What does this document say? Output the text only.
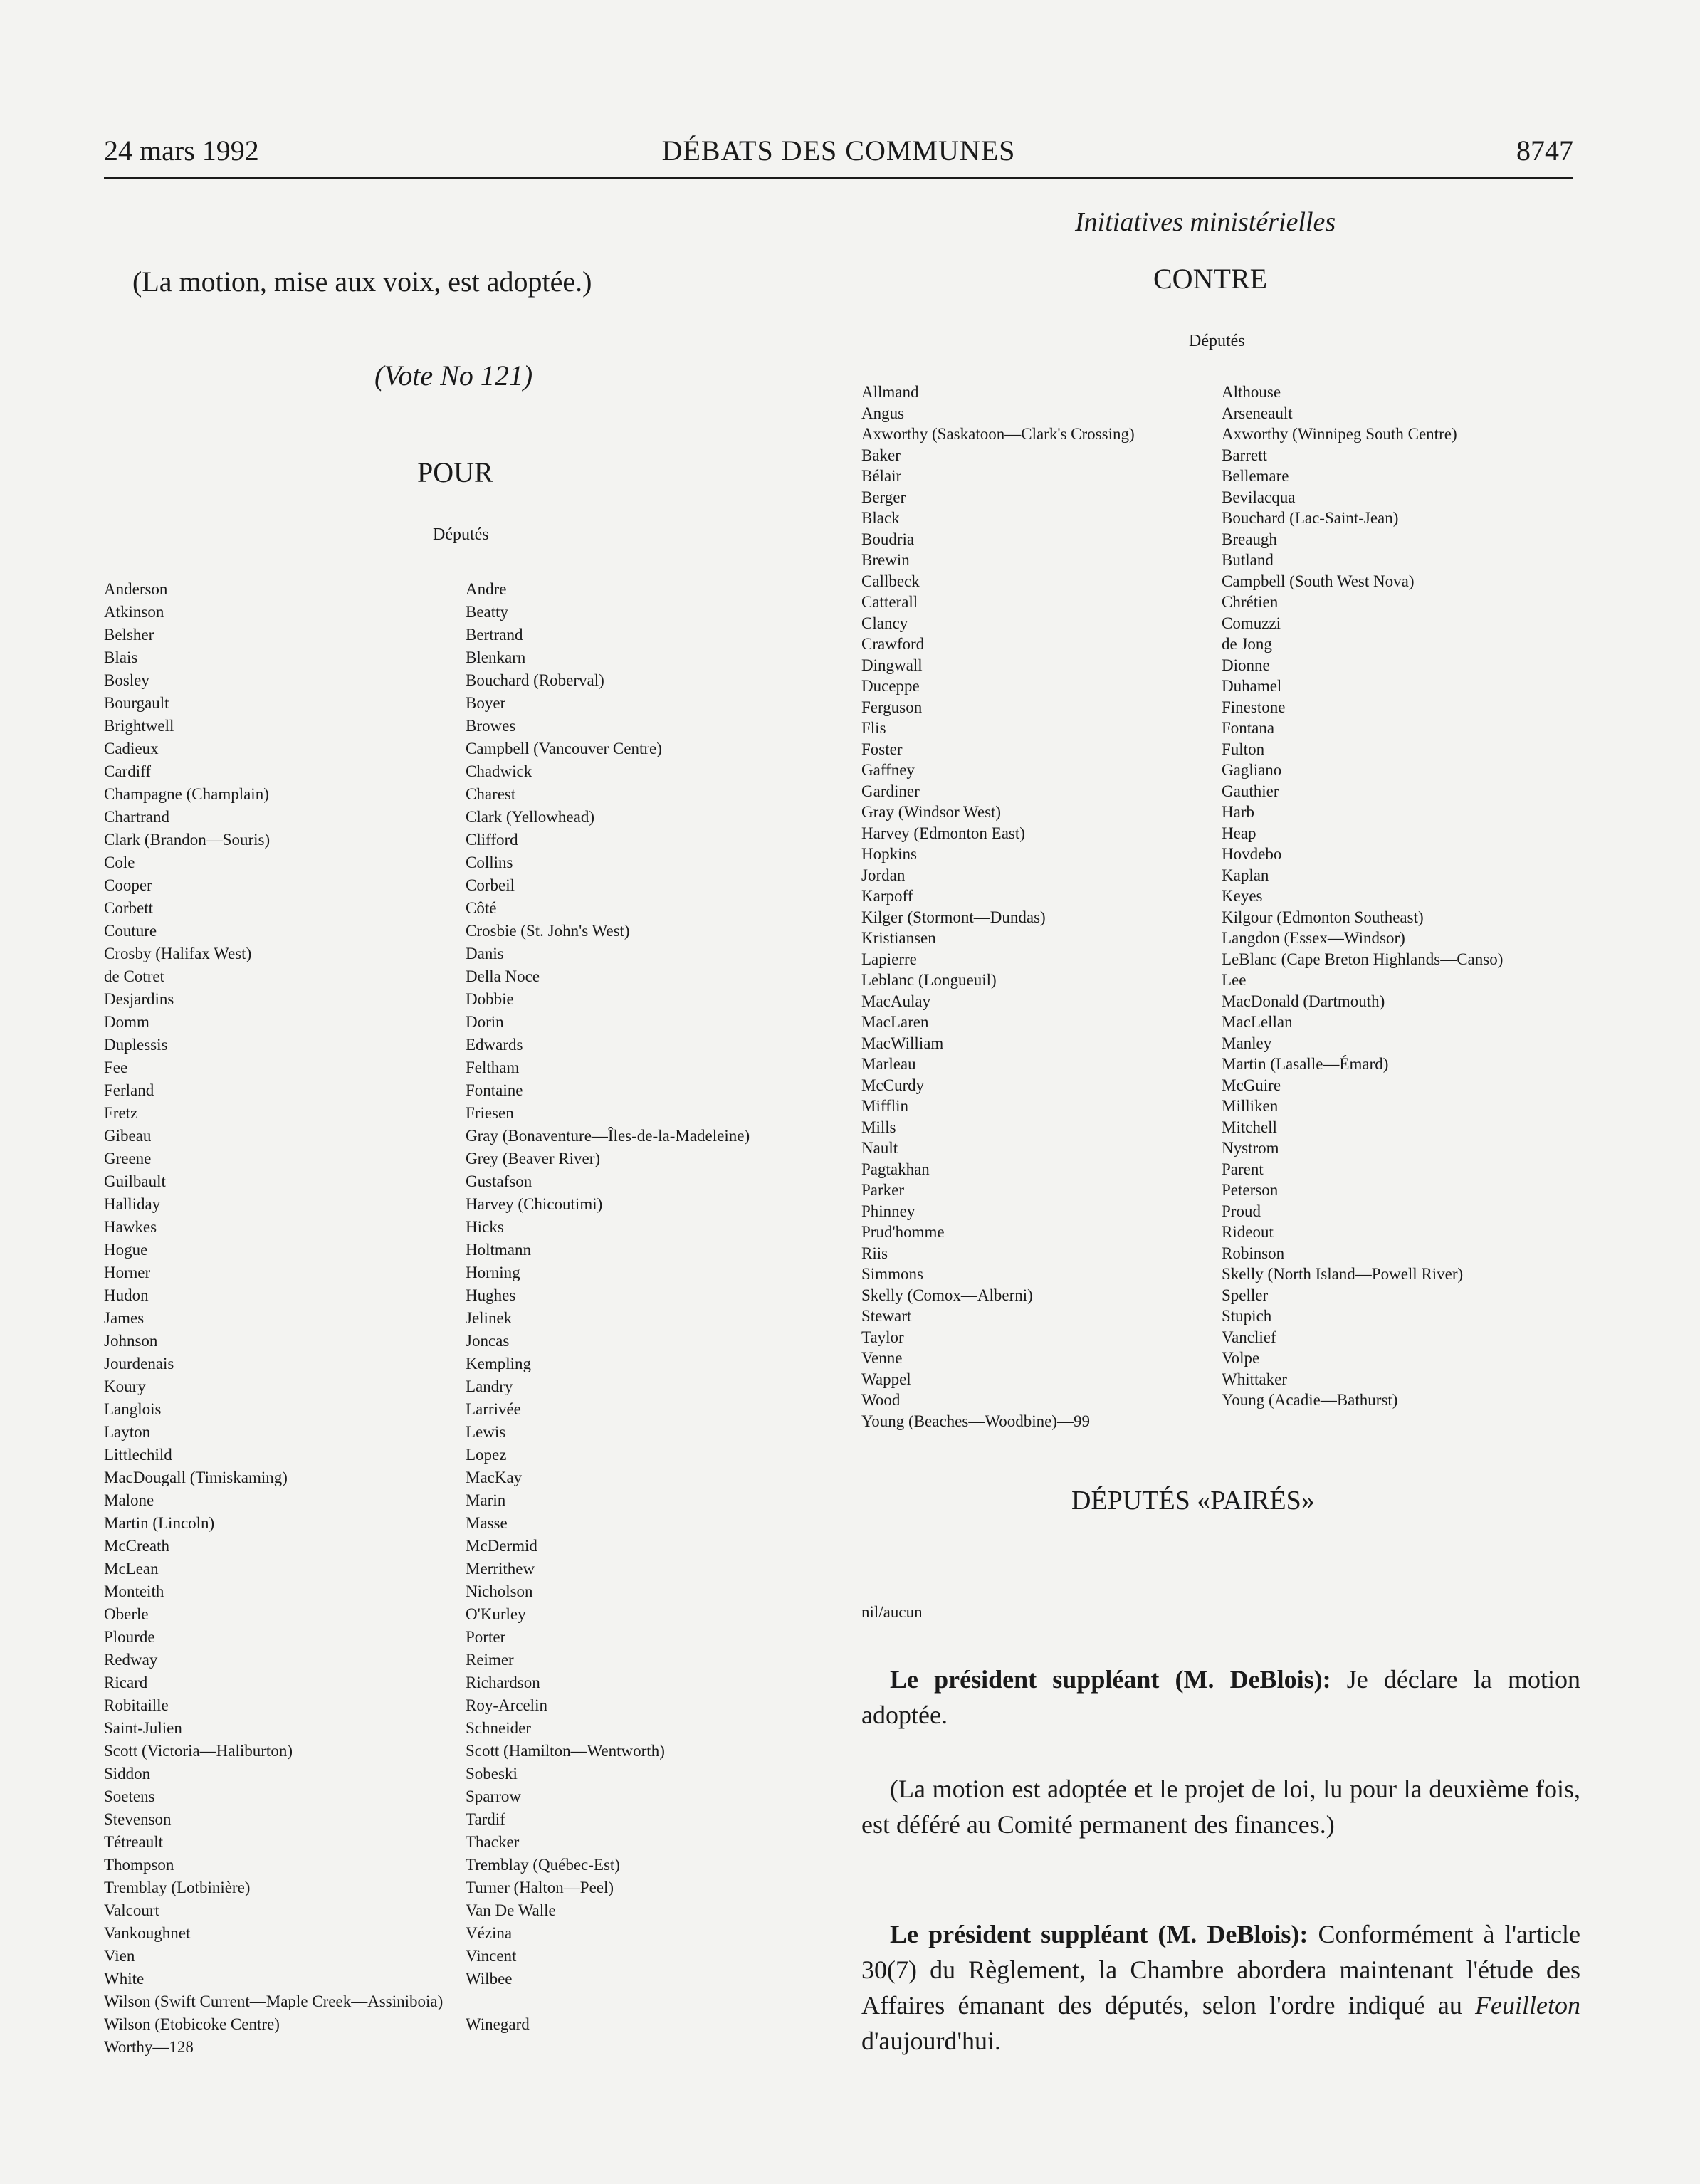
24 mars 1992	DÉBATS DES COMMUNES	8747
(La motion, mise aux voix, est adoptée.)
(Vote No 121)
POUR
Députés
Anderson
Atkinson
Belsher
Blais
Bosley
Bourgault
Brightwell
Cadieux
Cardiff
Champagne (Champlain)
Chartrand
Clark (Brandon—Souris)
Cole
Cooper
Corbett
Couture
Crosby (Halifax West)
de Cotret
Desjardins
Domm
Duplessis
Fee
Ferland
Fretz
Gibeau
Greene
Guilbault
Halliday
Hawkes
Hogue
Horner
Hudon
James
Johnson
Jourdenais
Koury
Langlois
Layton
Littlechild
MacDougall (Timiskaming)
Malone
Martin (Lincoln)
McCreath
McLean
Monteith
Oberle
Plourde
Redway
Ricard
Robitaille
Saint-Julien
Scott (Victoria—Haliburton)
Siddon
Soetens
Stevenson
Tétreault
Thompson
Tremblay (Lotbinière)
Valcourt
Vankoughnet
Vien
White
Wilson (Swift Current—Maple Creek—Assiniboia)
Wilson (Etobicoke Centre)
Worthy—128
Andre
Beatty
Bertrand
Blenkarn
Bouchard (Roberval)
Boyer
Browes
Campbell (Vancouver Centre)
Chadwick
Charest
Clark (Yellowhead)
Clifford
Collins
Corbeil
Côté
Crosbie (St. John's West)
Danis
Della Noce
Dobbie
Dorin
Edwards
Feltham
Fontaine
Friesen
Gray (Bonaventure—Îles-de-la-Madeleine)
Grey (Beaver River)
Gustafson
Harvey (Chicoutimi)
Hicks
Holtmann
Horning
Hughes
Jelinek
Joncas
Kempling
Landry
Larrivée
Lewis
Lopez
MacKay
Marin
Masse
McDermid
Merrithew
Nicholson
O'Kurley
Porter
Reimer
Richardson
Roy-Arcelin
Schneider
Scott (Hamilton—Wentworth)
Sobeski
Sparrow
Tardif
Thacker
Tremblay (Québec-Est)
Turner (Halton—Peel)
Van De Walle
Vézina
Vincent
Wilbee

Winegard
Initiatives ministérielles
CONTRE
Députés
Allmand
Angus
Axworthy (Saskatoon—Clark's Crossing)
Baker
Bélair
Berger
Black
Boudria
Brewin
Callbeck
Catterall
Clancy
Crawford
Dingwall
Duceppe
Ferguson
Flis
Foster
Gaffney
Gardiner
Gray (Windsor West)
Harvey (Edmonton East)
Hopkins
Jordan
Karpoff
Kilger (Stormont—Dundas)
Kristiansen
Lapierre
Leblanc (Longueuil)
MacAulay
MacLaren
MacWilliam
Marleau
McCurdy
Mifflin
Mills
Nault
Pagtakhan
Parker
Phinney
Prud'homme
Riis
Simmons
Skelly (Comox—Alberni)
Stewart
Taylor
Venne
Wappel
Wood
Young (Beaches—Woodbine)—99
Althouse
Arseneault
Axworthy (Winnipeg South Centre)
Barrett
Bellemare
Bevilacqua
Bouchard (Lac-Saint-Jean)
Breaugh
Butland
Campbell (South West Nova)
Chrétien
Comuzzi
de Jong
Dionne
Duhamel
Finestone
Fontana
Fulton
Gagliano
Gauthier
Harb
Heap
Hovdebo
Kaplan
Keyes
Kilgour (Edmonton Southeast)
Langdon (Essex—Windsor)
LeBlanc (Cape Breton Highlands—Canso)
Lee
MacDonald (Dartmouth)
MacLellan
Manley
Martin (Lasalle—Émard)
McGuire
Milliken
Mitchell
Nystrom
Parent
Peterson
Proud
Rideout
Robinson
Skelly (North Island—Powell River)
Speller
Stupich
Vanclief
Volpe
Whittaker
Young (Acadie—Bathurst)
DÉPUTÉS «PAIRÉS»
nil/aucun

Le président suppléant (M. DeBlois): Je déclare la motion adoptée.

(La motion est adoptée et le projet de loi, lu pour la deuxième fois, est déféré au Comité permanent des finances.)

Le président suppléant (M. DeBlois): Conformément à l'article 30(7) du Règlement, la Chambre abordera maintenant l'étude des Affaires émanant des députés, selon l'ordre indiqué au Feuilleton d'aujourd'hui.
